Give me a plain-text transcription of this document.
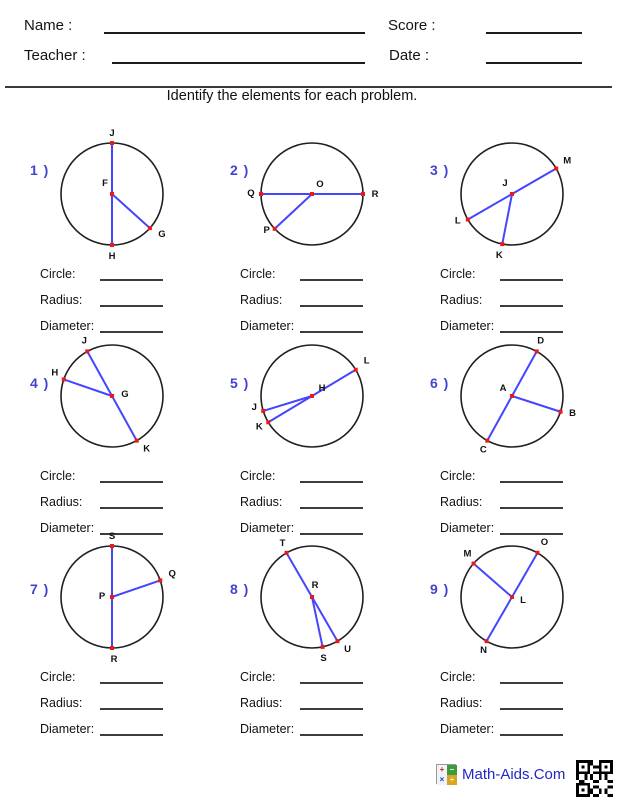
Name :	Score :
Teacher :	Date :
Identify the elements for each problem.
1 )
F
J
H
G
Circle:
Radius:
Diameter:
2 )
O
Q	R
P
Circle:
Radius:
Diameter:
3 )
J
M
L
K
Circle:
Radius:
Diameter:
4 )
G
J
K
H
Circle:
Radius:
Diameter:
5 )	H
L
K
J
Circle:
Radius:
Diameter:
6 )	A
D
C
B
Circle:
Radius:
Diameter:
7 )	P
S
R
Q
Circle:
Radius:
Diameter:
8 )	R
T
U
S
Circle:
Radius:
Diameter:
9 )
L
O
N
M
Circle:
Radius:
Diameter:
+ −
× ÷ Math-Aids.Com
